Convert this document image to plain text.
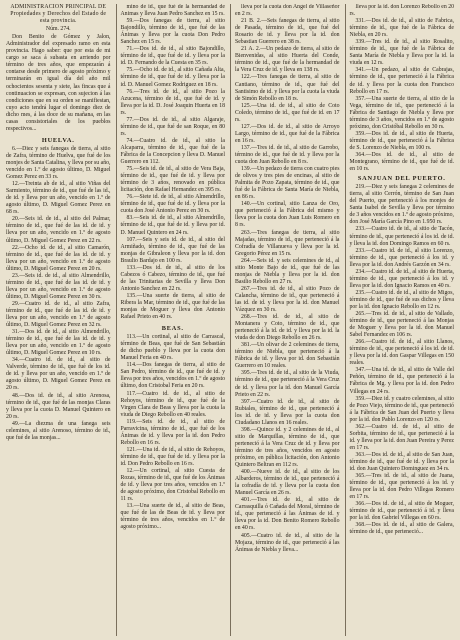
ADMINISTRACION PRINCIPAL DE Propiedades y Derechos del Estado de esta provincia.
Núm. 274.

Don Benito de Gómez y Jalon, Administrador del expresado ramo en esta provincia. Hago saber: que por esta de mi cargo se saca á subasta en arriendo por término de tres años, que empezarán á contarse desde primero de agosto próximo y terminarán en igual día del año mil ochocientos sesenta y siete, las fincas que á continuacion se expresan, con sujecion á las condiciones que en su orden se manifiestan, cuyo acto tendrá lugar el domingo diez de dicho mes, á las doce de su mañana, en las casas consistoriales de los pueblos respectivos...

HUELVA.

6.—Diez y seis fanegas de tierra, al sitio de Zafra, término de Huelva, que fué de los monjes de Santa Catalina, y lleva por su año, vencido en 1.º de agosto último, D. Miguel Gomez Perez en 33 rs.

12.—Treinta ab de id., al sitio Viñas del Sarmiento, término de id., que fué de las id., de id. y lleva por un año, vencido en 1.º de agosto último, D. Miguel Gomez Perez en 68 rs.

20.—Seis id. de id., al sitio del Palmar, término de id., que fué de las id. de id. y lleva por un año, vencido en 1.º de agosto último, D. Miguel Gomez Perez en 22 rs.

22.—Ocho id. de id., al sitio Camarón, término de id., que fué de las id. de id. y lleva por un año, vencido en 1.º de agosto último, D. Miguel Gomez Perez en 20 rs.

23.—Seis id. de id., al sitio Almendrillo, término de id., que fué de las id. de id. y lleva por un año, vencido en 1.º de agosto último, D. Miguel Gomez Perez en 30 rs.

29.—Cuatro id. de id., al sitio Zafra, término de id., que fué de las id. de id. y lleva por un año, vencido en 1.º de agosto último, D. Miguel Gomez Perez en 32 rs.

31.—Dos id. de id., al sitio Almendrillo, término de id., que fué de las id. de id. y lleva por un año, vencido en 1.º de agosto último, D. Miguel Gomez Perez en 10 rs.

34.—Cuatro id. de id., al sitio de Valverde, término de id., que fué de los id. de id. y lleva por un año, vencido en 1.º de agosto último, D. Miguel Gomez Perez en 20 rs.

48.—Dos id. de id., al sitio Arenosa, término de id., que fué de las monjas Claras y lleva por la cuota D. Manuel Quintero en 20 rs.

49.—La diezma de una fanega seis celemines, al sitio Arenoso, término de id., que fué de las monjas...

mino de id., que fué de la hermandad de Animas y lleva Juan Pedro Sanchez en 15 rs.

59.—Dos fanegas de tierra, al sitio Bajondillo, término de id., que fué de las Ánimas y lleva por la cuota Don Pedro Sanchez en 15 rs.

71.—Dos id. de id., al sitio Bajondillo, término de id., que fué de id. y lleva por la id. D. Fernando de la Cuesta en 35 rs.

75.—Ocho id. de id., al sitio Cañada Alta, término de id., que fué de id. y lleva por la id. D. Manuel Gomez Rodriguez en 18 rs.

76.—Tres id. de id., al sitio Pozo la Azucena, término de id., que fué de id. y lleva por la id. D. José Joaquin Huerta en 18 rs.

77.—Dos id. de id., al sitio Algaraje, término de id., que fué de san Roque, en 80 rs.

74.—Cuatro id. de id., al sitio la Alcaparra, término de id., que fué de la Fábrica de la Concepcion y lleva D. Manuel Guerrero en 112.

75.—Seis id. de id., al sitio de Vera Baja, término de id., que fué de id. y lleva por término de 3 años, renovado en pública licitación, don Rafael Hernandez en 395 rs.

76.—Siete id. de id., al sitio Almendrillo, término de id., que fué de id. y lleva por la cuota don José Antonio Perez en 30 rs.

83.—Seis id. de id., al sitio Almendrillo, término de id., que fué de id. y lleva por id. D. Manuel Quintero en 24 rs.

107.—Seis y seis id. de id., al sitio del Armiñado, término de id., que fué de las monjas de Gibraleon y lleva por la id. don Braulio Bardajo en 100 rs.

133.—Dos id. de id., al sitio de los Cabezos ó Cabezo, término de id., que fué de las Trinitarias de Sevilla y lleva Don Antonio Sanchez en 22 rs.

135.—Una suerte de tierra, al sitio de Ribera la Mar, término de id., que fué de las monjas de Moguer y lleva don Antonio Rafael Prieto en 40 rs.

BEAS.

113.—Un cortinal, al sitio de Carrascal, término de Beas, que fué de San Sebastián de dicho pueblo y lleva por la cuota don Manuel Feria en 40 rs.

114.—Dos fanegas de tierra, al sitio de San Pedro, término de id., que fué de id. y lleva por tres años, vencidos en 1.º de agosto último, don Cristobal Feria en 20 rs.

117.—Cuatro id. de id., al sitio de Rehoyos, término de id., que fué de la Virgen Clara de Beas y lleva por la cuota la viuda de Diego Rebollo en 40 reales.

119.—Seis id. de id., al sitio de Parravicina, término de id., que fué de los Ánimas de id. y lleva por la id. don Pedro Rebollo en 16 rs.

121.—Una id. de id., al sitio de Rehoyos, término de id., que fué de id. y lleva por la id. Don Pedro Rebollo en 16 rs.

12.—Un cortinal, al sitio Cuesta de Rozas, término de id., que fué de los Ánimas de id. y lleva por tres años, vencidos en 1.º de agosto próximo, don Cristobal Rebollo en 11 rs.

13.—Una suerte de id., al sitio de Beas, que fué de las de Beas de id. y lleva por término de tres años, vencidos en 1.º de agosto próximo...

lleva por la cuota don Angel de Villaseñor en 2 rs.

21 B. 2.—Seis fanegas de tierra, al sitio de Pasada, término de id., que fué del Rosario de id. y lleva por la id. don Sebastian Guerrero en 38 rs.

21 A. 2.—Un pedazo de tierra, al sitio de Bienvenidas, al sitio Huerta del Conde, término de id., que fué de la hermandad de la Vera Cruz de id. y lleva en 138 rs.

122.—Tres fanegas de tierra, al sitio de Cantiano, término de id., que fué del Santisimo de id. y lleva por la cuota la viuda de Simón Rebollo en 18 rs.

125.—Una id. de id., al sitio de Coto Coledo, término de id., que fué de id. en 17 rs.

127.—Dos id. de id., al sitio de Arroyo Largo, término de id., que fué de la Fábrica en 16 rs.

137.—Tres id. de id., al sitio de Garrobo, término de id., que fué de id. y lleva por la cuota don Juan Rebollo en 8 rs.

139.—Un pedazo de tierra con cuatro pies de olivos y tres pies de encinas, al sitio de Palmita de Pozo Zapata, término de id., que fué de la Fábrica de Santa María de Niebla, en 86 rs.

140.—Un cortinal, sitio Lanza de Oro, que perteneció á la Fábrica del mismo y lleva por la cuota don Juan Luis Romero en 8 rs.

263.—Tres fanegas de tierra, al sitio Majadas, término de id., que perteneció á la Cofradía de Villanueva y lleva por la id. Gregorio Pérez en 15 rs.

264.—Seis id. y seis celemines de id., al sitio Monte Bajo de id., que fué de las monjas de Niebla y lleva por la id. don Basilio Rebollo en 27 rs.

267.—Tres id. de id., al sitio Pozo de Calancha, término de id., que perteneció á las id. de id. y lleva por la id. don Manuel Vázquez en 30 rs.

268.—Tres id. de id., al sitio de Montanera y Coto, término de id., que perteneció á la id. de id. y lleva por la id. la viuda de don Diego Rebollo en 26 rs.

381.—Un olivar de 2 celemines de tierra, término de Niebla, que perteneció á la Fábrica de id. y lleva por id. don Sebastián Guerrero en 10 reales.

395.—Tres id. de id., al sitio de la Viuda, término de id., que perteneció á la Vera Cruz de id. y lleva por la id. don Manuel García Prieto en 22 rs.

397.—Cuatro id. de id., al sitio de Rubiales, término de id., que perteneció á los id. de id. y lleva por la cuota don Ciudadano Llanos en 16 reales.

398.—Quince id. y 2 celemines de id., al sitio de Marquillas, término de id., que perteneció á la Vera Cruz de id. y lleva por término de tres años, vencidos en agosto próximo, en pública licitación, don Antonio Quintero Beltran en 112 rs.

400.—Nueve id. de id., al sitio de los Albarderos, término de id., que perteneció á la cofradía de id. y lleva por la cuota don Manuel García en 26 rs.

401.—Tres id. de id., al sitio de Carrasquilla ó Cañada del Moral, término de id., que perteneció á las Ánimas de id. y lleva por la id. Don Benito Romero Rebollo en 40 rs.

405.—Cuatro id. de id., al sitio de la Mojaza, término de id., que perteneció á las Ánimas de Niebla y lleva...

lleva por la id. don Lorenzo Rebollo en 20 rs.

331.—Dos id. de id., al sitio de Fabrica, término de id., que fué de la Fábrica de Niebla, en 20 rs.

339.—Tres id. de id., al sitio Rosalito, término de id., que fué de la Fábrica de Santa María de Niebla y lleva por la id. la viuda en 12 rs.

341.—Un pedazo, al sitio de Cabrajas, término de id., que perteneció á la Fábrica de id. y lleva por la cuota don Francisco Rebollo en 17 rs.

357.—Una suerte de tierra, al sitio de la Vega, término de id., que perteneció á la Fábrica de Santiago de Niebla y lleva por término de 3 años, vencidos en 1.º de agosto próximo, don Cristóbal Rebollo en 30 rs.

359.—Dos id. de id., al sitio de Huerta, término de id., que perteneció á la Fábrica de S. Lorenzo de Niebla, en 100 rs.

364.—Dos id. de id., al sitio de Montegrano, término de id., que fué de id. en 10 rs.

SANJUAN DEL PUERTO.

219.—Diez y seis fanegas 2 celemines de tierra, al sitio Cerrón, término de San Juan del Puerto, que perteneció á los monjes de Santa Isabel de Sevilla y lleva por término de 3 años vencidos en 1.º de agosto próximo, don José María García Pino en 1.950 rs.

233.—Cuatro id. de id., al sitio de Tacón, término de id., que perteneció á los id. de id. y lleva la id. don Domingo Ramos en 60 rs.

233.—Cuatro id. de id., al sitio Lorenzo, término de id., que perteneció á los id. y lleva por la id. don Andrés Garzón en 34 rs.

234.—Cuatro id. de id., al sitio de Huerta, término de id., que perteneció á los id. y lleva por la id. don Ignacio Ramos en 40 rs.

235.—Cuatro id. de id., al sitio de Migos, término de id., que fué de sus dichos y lleva por la id. don Ignacio Rebollo en 12 rs.

265.—Tres id. de id., al sitio de Vallado, término de id., que perteneció á las Monjas de Moguer y lleva por la id. don Manuel Sabel Fernandez en 106 rs.

266.—Cuatro id. de id., al sitio Llanos, término de id., que perteneció á los id. de id. y lleva por la id. don Gaspar Villegas en 150 reales.

347.—Una id. de id., al sitio de Valle del Peñón, término de id., que perteneció á la Fábrica de Mg. y lleva por la id. don Pedro Villegas en 24 rs.

359.—Diez id. y cuatro celemines, al sitio de Pozo Viejo, término de id., que perteneció á la Fábrica de San Juan del Puerto y lleva por la id. don Pablo Lorenzo en 120 rs.

362.—Cuatro id. de id., al sitio de Sorbita, término de id., que perteneció á la id. y lleva por la id. don Juan Pereira y Perez en 17 rs.

363.—Dos id. de id., al sitio de San Juan, término de id., que fué de id. y lleva por la id. don Juan Quintero Dominguez en 34 rs.

365.—Tres id. de id., al sitio de Juana, término de id., que perteneció á los id. y lleva por la id. don Pedro Villegas Romero en 17 rs.

366.—Dos id. de id., al sitio de Moguer, término de id., que perteneció á id. y lleva por la id. don Gabriel Villegas en 60 rs.

368.—Dos id. de id., al sitio de Galera, término de id., que perteneció...
